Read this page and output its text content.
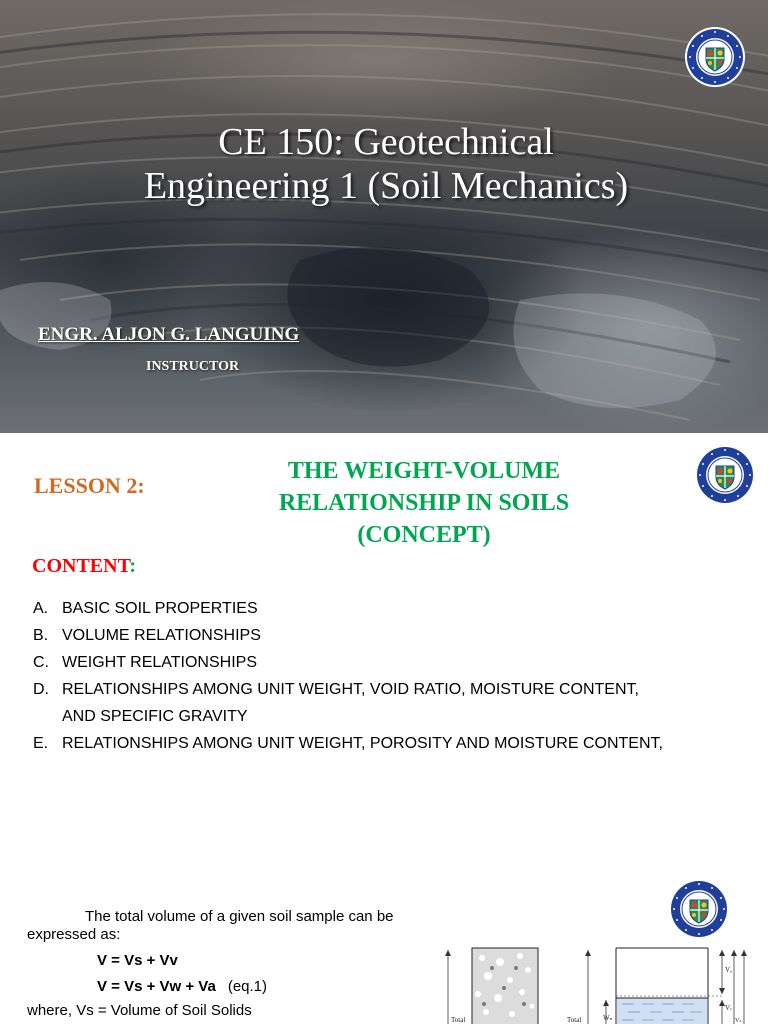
CE 150: Geotechnical
Engineering 1 (Soil Mechanics)

ENGR. ALJON G. LANGUING

INSTRUCTOR

LESSON 2:

THE WEIGHT-VOLUME
RELATIONSHIP IN SOILS
(CONCEPT)

CONTENT:

A. BASIC SOIL PROPERTIES
B. VOLUME RELATIONSHIPS
C. WEIGHT RELATIONSHIPS
D. RELATIONSHIPS AMONG UNIT WEIGHT, VOID RATIO, MOISTURE CONTENT,
AND SPECIFIC GRAVITY
E. RELATIONSHIPS AMONG UNIT WEIGHT, POROSITY AND MOISTURE CONTENT,

The total volume of a given soil sample can be
expressed as:

V = Vs + Vv

V = Vs + Vw + Va (eq.1)

where, Vs = Volume of Soil Solids

Total	Total	Wₙ
Vₐ
Vᵥ
Vₛ
